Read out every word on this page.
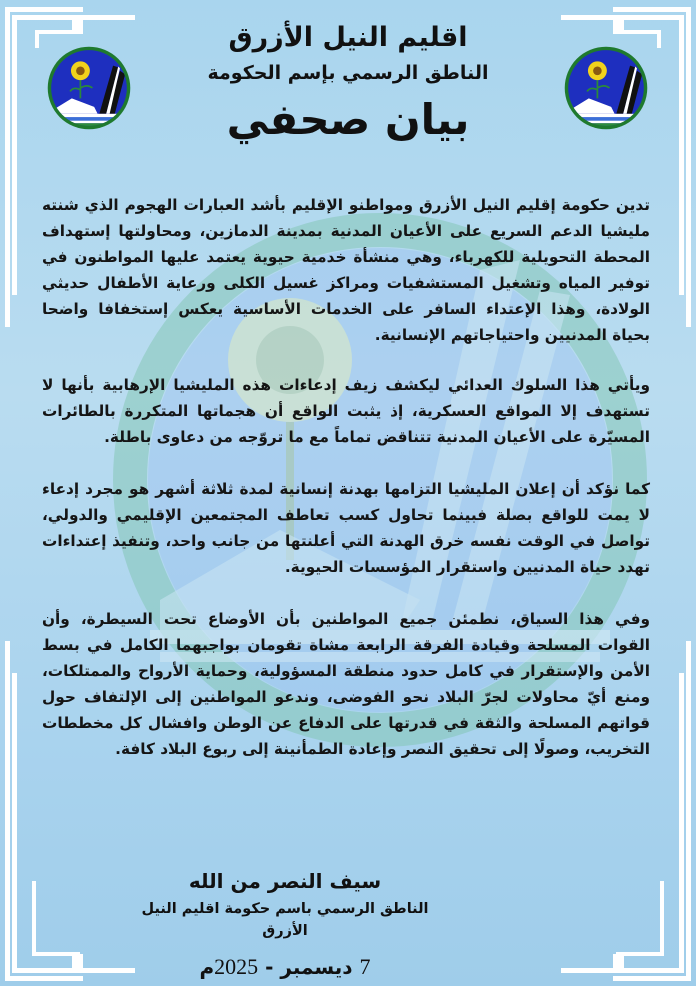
اقليم النيل الأزرق
الناطق الرسمي بإسم الحكومة
بيان صحفي

تدين حكومة إقليم النيل الأزرق ومواطنو الإقليم بأشد العبارات الهجوم الذي شنته مليشيا الدعم السريع على الأعيان المدنية بمدينة الدمازين، ومحاولتها إستهداف المحطة التحويلية للكهرباء، وهي منشأة خدمية حيوية يعتمد عليها المواطنون في توفير المياه وتشغيل المستشفيات ومراكز غسيل الكلى ورعاية الأطفال حديثي الولادة، وهذا الإعتداء السافر على الخدمات الأساسية يعكس إستخفافا واضحا بحياة المدنيين واحتياجاتهم الإنسانية.

ويأتي هذا السلوك العدائي ليكشف زيف إدعاءات هذه المليشيا الإرهابية بأنها لا تستهدف إلا المواقع العسكرية، إذ يثبت الواقع أن هجماتها المتكررة بالطائرات المسيّرة على الأعيان المدنية تتناقض تماماً مع ما تروّجه من دعاوى باطلة.

كما نؤكد أن إعلان المليشيا التزامها بهدنة إنسانية لمدة ثلاثة أشهر هو مجرد إدعاء لا يمت للواقع بصلة فبينما تحاول كسب تعاطف المجتمعين الإقليمي والدولي، تواصل في الوقت نفسه خرق الهدنة التي أعلنتها من جانب واحد، وتنفيذ إعتداءات تهدد حياة المدنيين واستقرار المؤسسات الحيوية.

وفي هذا السياق، نطمئن جميع المواطنين بأن الأوضاع تحت السيطرة، وأن القوات المسلحة وقيادة الفرقة الرابعة مشاة تقومان بواجبهما الكامل في بسط الأمن والإستقرار في كامل حدود منطقة المسؤولية، وحماية الأرواح والممتلكات، ومنع أيّ محاولات لجرّ البلاد نحو الفوضى، وندعو المواطنين إلى الإلتفاف حول قواتهم المسلحة والثقة في قدرتها على الدفاع عن الوطن وافشال كل مخططات التخريب، وصولًا إلى تحقيق النصر وإعادة الطمأنينة إلى ربوع البلاد كافة.

سيف النصر من الله
الناطق الرسمي باسم حكومة اقليم النيل الأزرق
7 ديسمبر - 2025م
